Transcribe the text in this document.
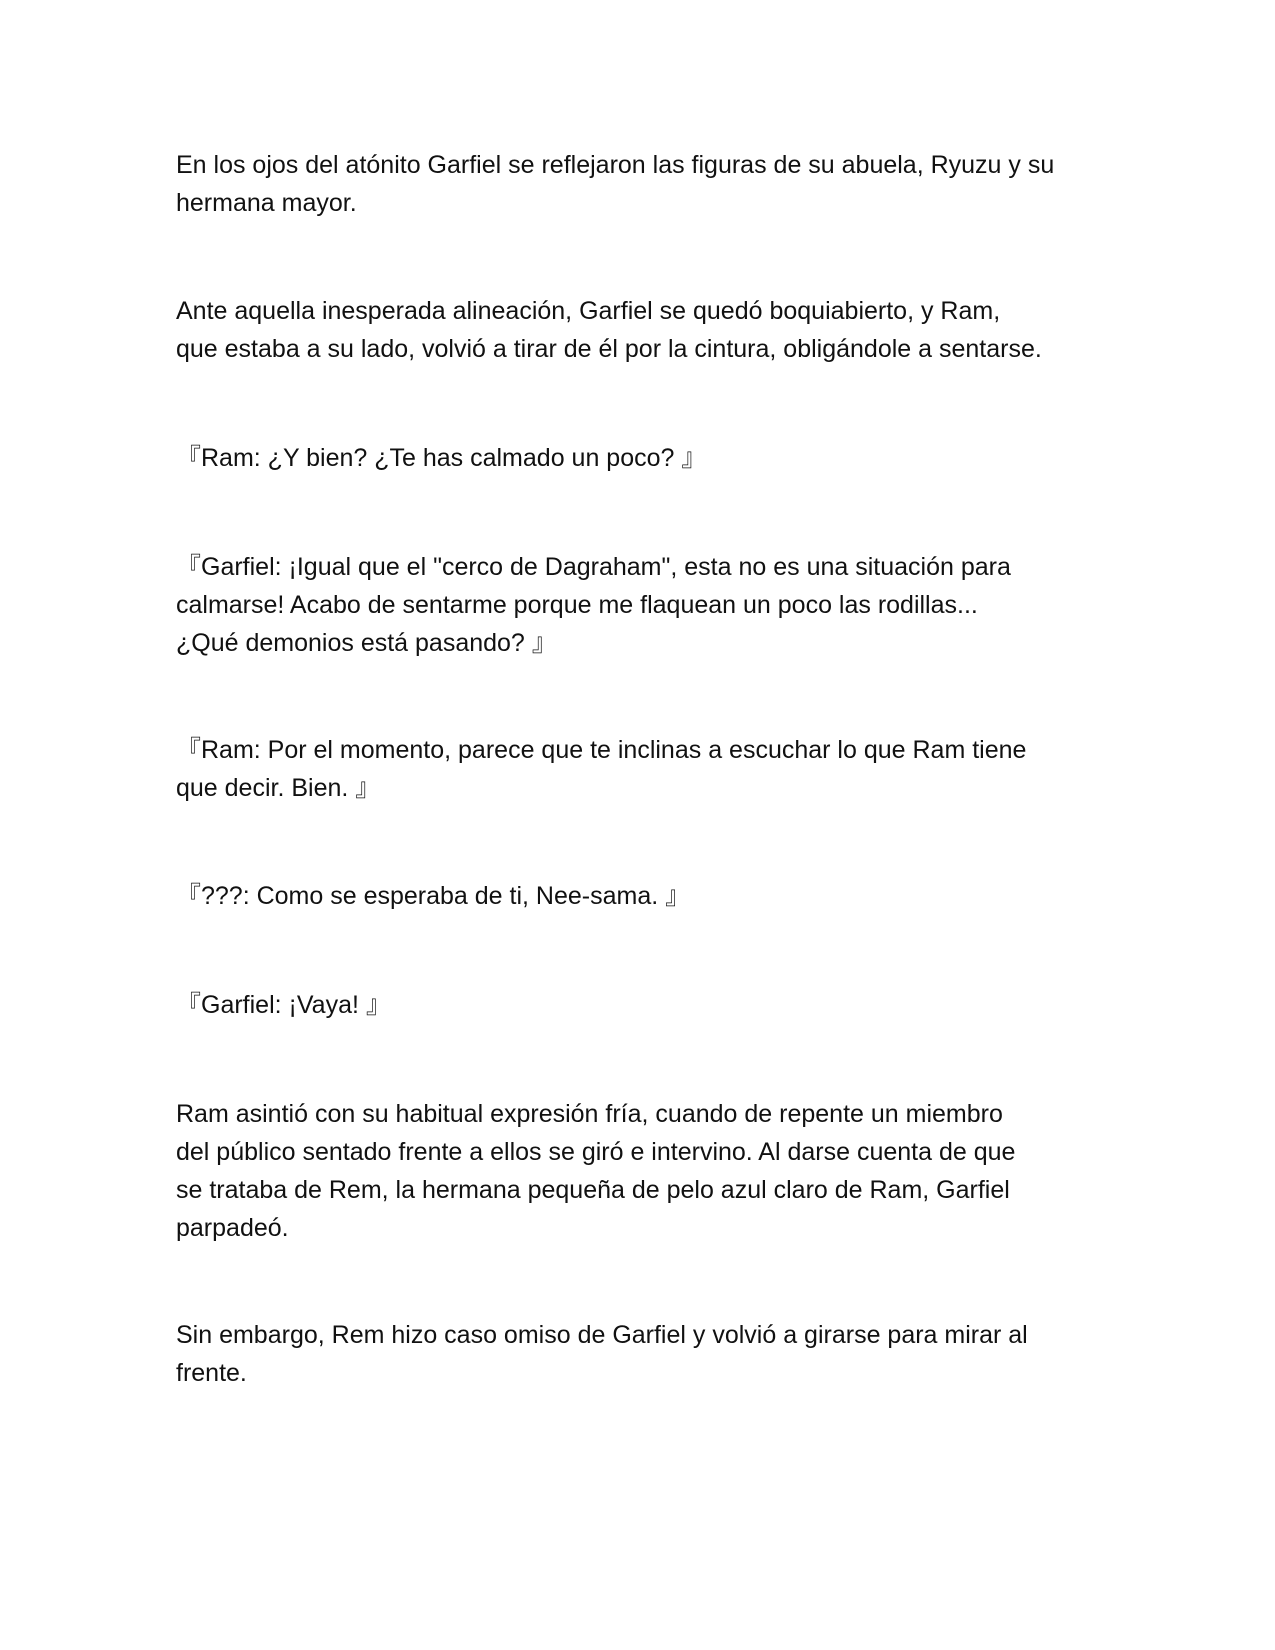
En los ojos del atónito Garfiel se reflejaron las figuras de su abuela, Ryuzu y su
hermana mayor.

Ante aquella inesperada alineación, Garfiel se quedó boquiabierto, y Ram,
que estaba a su lado, volvió a tirar de él por la cintura, obligándole a sentarse.

『Ram: ¿Y bien? ¿Te has calmado un poco? 』

『Garfiel: ¡Igual que el "cerco de Dagraham", esta no es una situación para
calmarse! Acabo de sentarme porque me flaquean un poco las rodillas...
¿Qué demonios está pasando? 』

『Ram: Por el momento, parece que te inclinas a escuchar lo que Ram tiene
que decir. Bien. 』

『???: Como se esperaba de ti, Nee-sama. 』

『Garfiel: ¡Vaya! 』

Ram asintió con su habitual expresión fría, cuando de repente un miembro
del público sentado frente a ellos se giró e intervino. Al darse cuenta de que
se trataba de Rem, la hermana pequeña de pelo azul claro de Ram, Garfiel
parpadeó.

Sin embargo, Rem hizo caso omiso de Garfiel y volvió a girarse para mirar al
frente.
